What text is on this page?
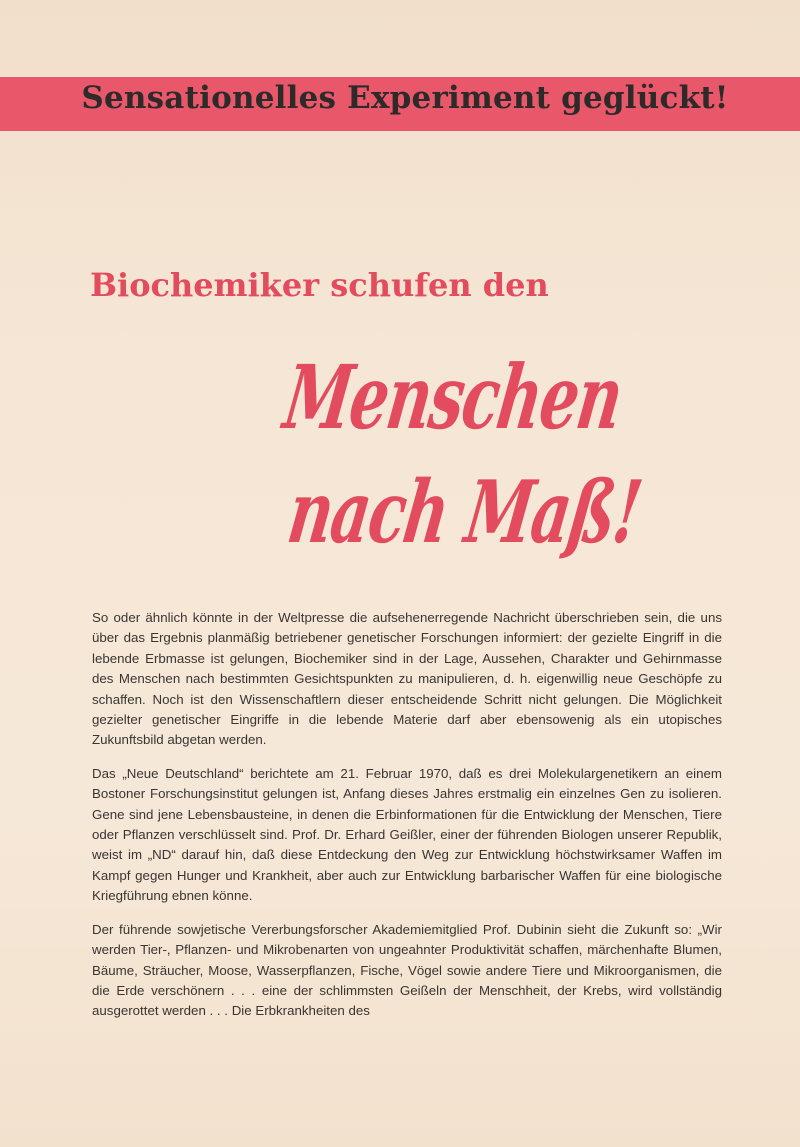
Sensationelles Experiment geglückt!
Biochemiker schufen den
Menschen
nach Maß!

So oder ähnlich könnte in der Weltpresse die aufsehenerregende Nachricht überschrieben sein, die uns über das Ergebnis planmäßig betriebener genetischer Forschungen informiert: der gezielte Eingriff in die lebende Erbmasse ist gelungen, Biochemiker sind in der Lage, Aussehen, Charakter und Gehirnmasse des Menschen nach bestimmten Gesichtspunkten zu manipulieren, d. h. eigenwillig neue Geschöpfe zu schaffen. Noch ist den Wissenschaftlern dieser entscheidende Schritt nicht gelungen. Die Möglichkeit gezielter genetischer Eingriffe in die lebende Materie darf aber ebensowenig als ein utopisches Zukunftsbild abgetan werden.

Das „Neue Deutschland“ berichtete am 21. Februar 1970, daß es drei Molekulargenetikern an einem Bostoner Forschungsinstitut gelungen ist, Anfang dieses Jahres erstmalig ein einzelnes Gen zu isolieren. Gene sind jene Lebensbausteine, in denen die Erbinformationen für die Entwicklung der Menschen, Tiere oder Pflanzen verschlüsselt sind. Prof. Dr. Erhard Geißler, einer der führenden Biologen unserer Republik, weist im „ND“ darauf hin, daß diese Entdeckung den Weg zur Entwicklung höchstwirksamer Waffen im Kampf gegen Hunger und Krankheit, aber auch zur Entwicklung barbarischer Waffen für eine biologische Kriegführung ebnen könne.

Der führende sowjetische Vererbungsforscher Akademiemitglied Prof. Dubinin sieht die Zukunft so: „Wir werden Tier-, Pflanzen- und Mikrobenarten von ungeahnter Produktivität schaffen, märchenhafte Blumen, Bäume, Sträucher, Moose, Wasserpflanzen, Fische, Vögel sowie andere Tiere und Mikroorganismen, die die Erde verschönern . . . eine der schlimmsten Geißeln der Menschheit, der Krebs, wird vollständig ausgerottet werden . . . Die Erbkrankheiten des
